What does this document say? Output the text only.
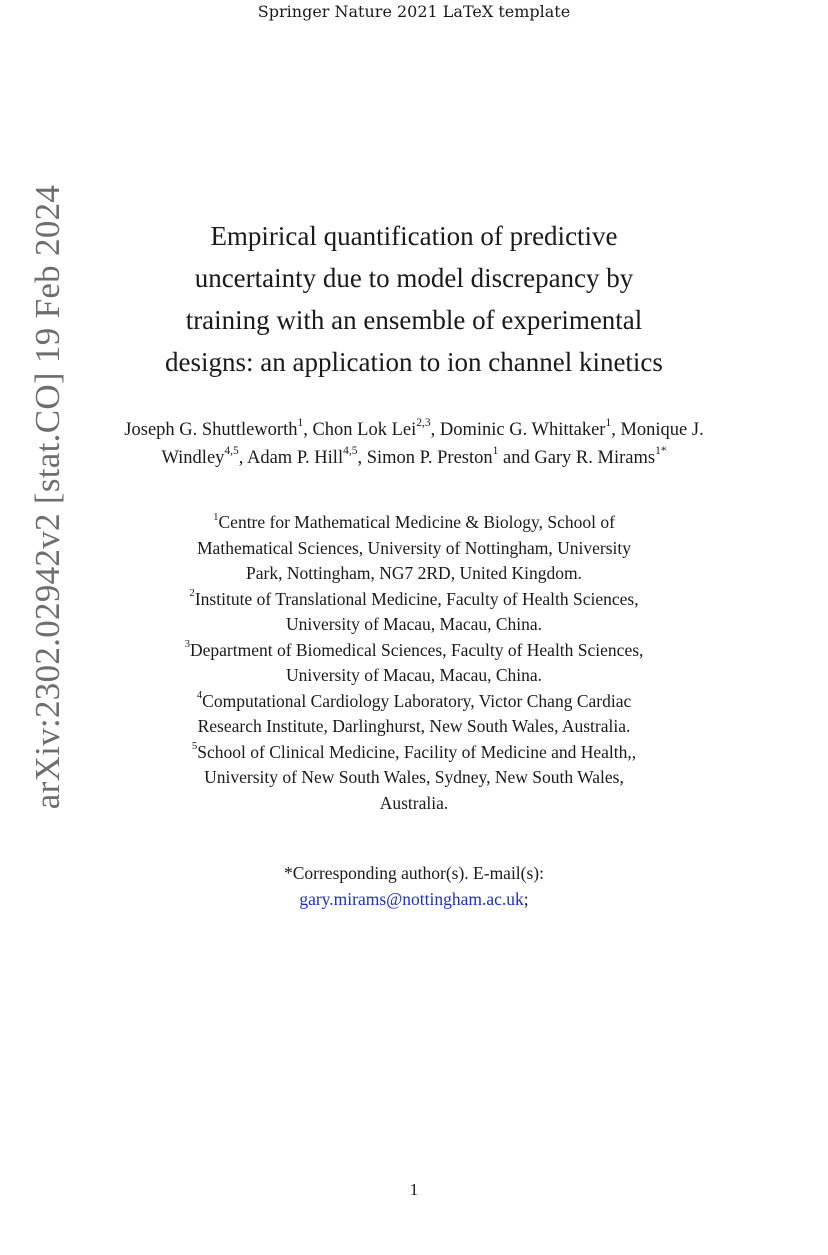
Springer Nature 2021 LaTeX template
arXiv:2302.02942v2 [stat.CO] 19 Feb 2024	Empirical quantification of predictive
uncertainty due to model discrepancy by
training with an ensemble of experimental
designs: an application to ion channel kinetics
Joseph G. Shuttleworth$^1$, Chon Lok Lei$^{2,3}$, Dominic G. Whittaker$^1$, Monique J. Windley$^{4,5}$, Adam P. Hill$^{4,5}$, Simon P. Preston$^1$ and Gary R. Mirams$^{1*}$
$^1$Centre for Mathematical Medicine & Biology, School of
Mathematical Sciences, University of Nottingham, University
Park, Nottingham, NG7 2RD, United Kingdom.
$^2$Institute of Translational Medicine, Faculty of Health Sciences,
University of Macau, Macau, China.
$^3$Department of Biomedical Sciences, Faculty of Health Sciences,
University of Macau, Macau, China.
$^4$Computational Cardiology Laboratory, Victor Chang Cardiac
Research Institute, Darlinghurst, New South Wales, Australia.
$^5$School of Clinical Medicine, Facility of Medicine and Health,,
University of New South Wales, Sydney, New South Wales,
Australia.
*Corresponding author(s). E-mail(s):
gary.mirams@nottingham.ac.uk;
1
